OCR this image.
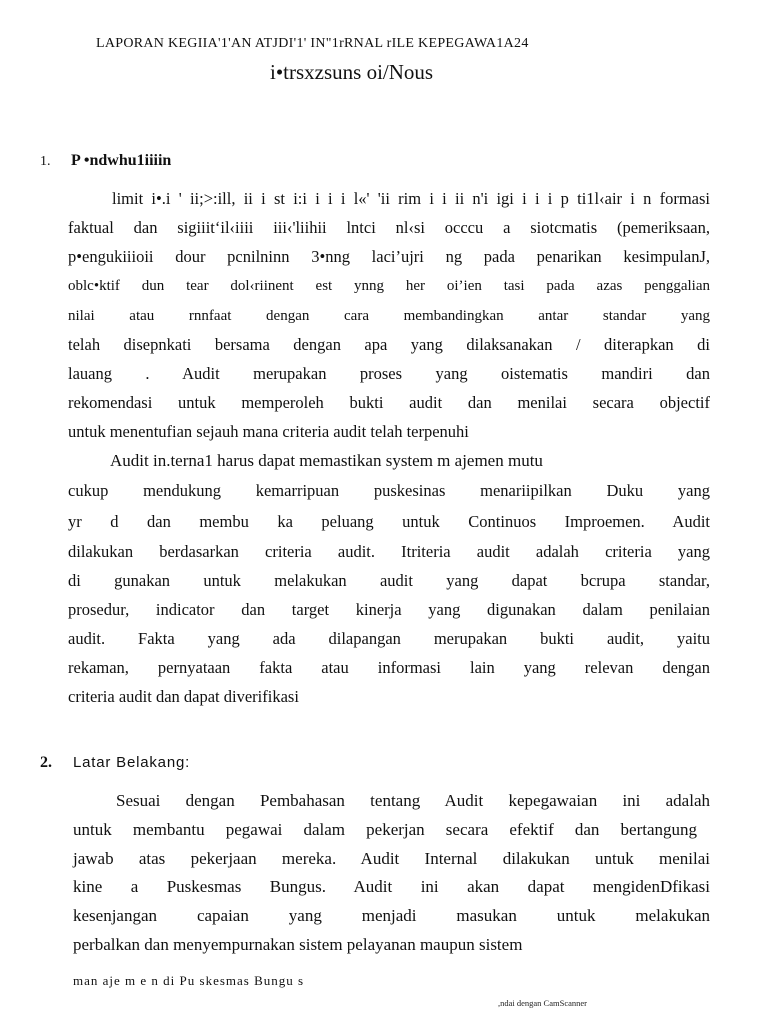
LAPORAN KEGIIA'1'AN ATJDI'1' IN"1rRNAL rILE KEPEGAWA1A24
i•trsxzsuns oi/Nous
1. P •ndwhu1iiiin
limit i•.i ' ii;>:ill, ii i st i:i i i i l«' 'ii rim i i ii n'i igi i i i p ti1l‹air i n formasi
faktual dan sigiiit‘il‹iiii iii‹'liihii lntci nl‹si occcu a siotcmatis (pemeriksaan,
p•engukiiioii dour pcnilninn 3•nng laci’ujri ng pada penarikan kesimpulanJ,
oblc•ktif dun tear dol‹riinent est ynng her oi’ien tasi pada azas penggalian
nilai atau rnnfaat dengan cara membandingkan antar standar yang
telah disepnkati bersama dengan apa yang dilaksanakan / diterapkan di
lauang . Audit merupakan proses yang oistematis mandiri dan
rekomendasi untuk memperoleh bukti audit dan menilai secara objectif
untuk menentufian sejauh mana criteria audit telah terpenuhi
Audit in.terna1 harus dapat memastikan system m ajemen mutu
cukup mendukung kemarripuan puskesinas menariipilkan Duku yang
yr d dan membu ka peluang untuk Continuos Improemen. Audit
dilakukan berdasarkan criteria audit. Itriteria audit adalah criteria yang
di gunakan untuk melakukan audit yang dapat bcrupa standar,
prosedur, indicator dan target kinerja yang digunakan dalam penilaian
audit. Fakta yang ada dilapangan merupakan bukti audit, yaitu
rekaman, pernyataan fakta atau informasi lain yang relevan dengan
criteria audit dan dapat diverifikasi
2. Latar Belakang:
Sesuai dengan Pembahasan tentang Audit kepegawaian ini adalah
untuk membantu pegawai dalam pekerjan secara efektif dan bertangung
jawab atas pekerjaan mereka. Audit Internal dilakukan untuk menilai
kine a Puskesmas Bungus. Audit ini akan dapat mengidenDfikasi
kesenjangan capaian yang menjadi masukan untuk melakukan
perbalkan dan menyempurnakan sistem pelayanan maupun sistem
man aje m e n di Pu skesmas Bungu s
,ndai dengan CamScanner
